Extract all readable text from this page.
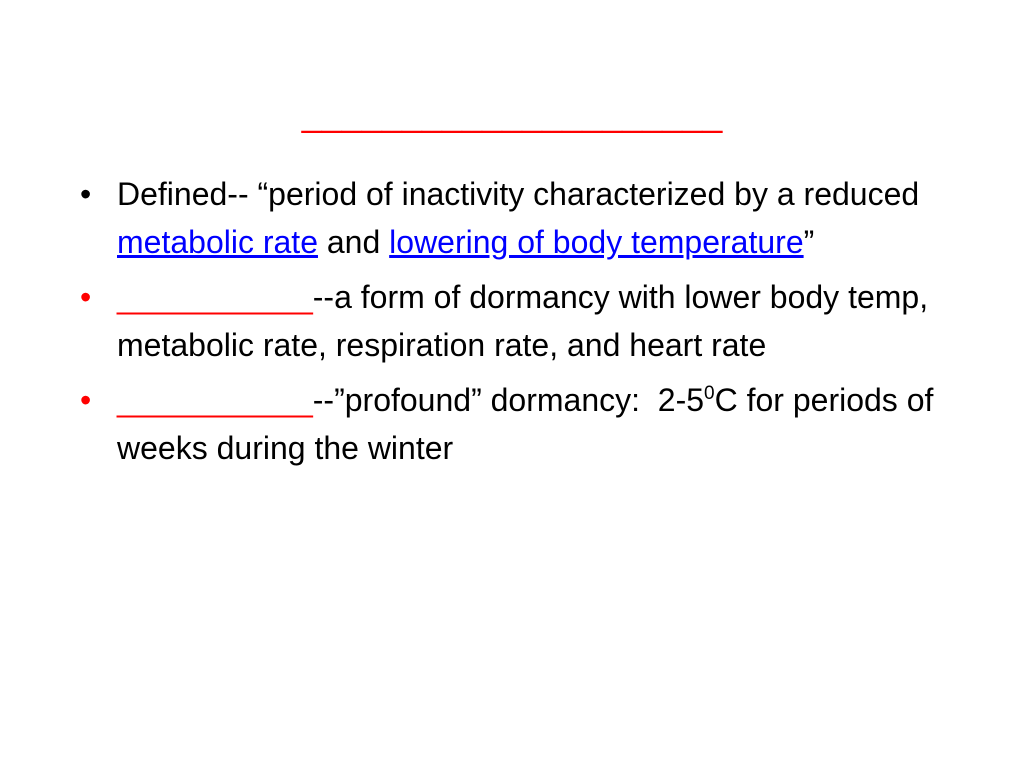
_____________________
• Defined-- “period of inactivity characterized by a reduced metabolic rate and lowering of body temperature”
• ___________--a form of dormancy with lower body temp, metabolic rate, respiration rate, and heart rate
• ___________--”profound” dormancy:  $2-5^0C$ for periods of weeks during the winter
